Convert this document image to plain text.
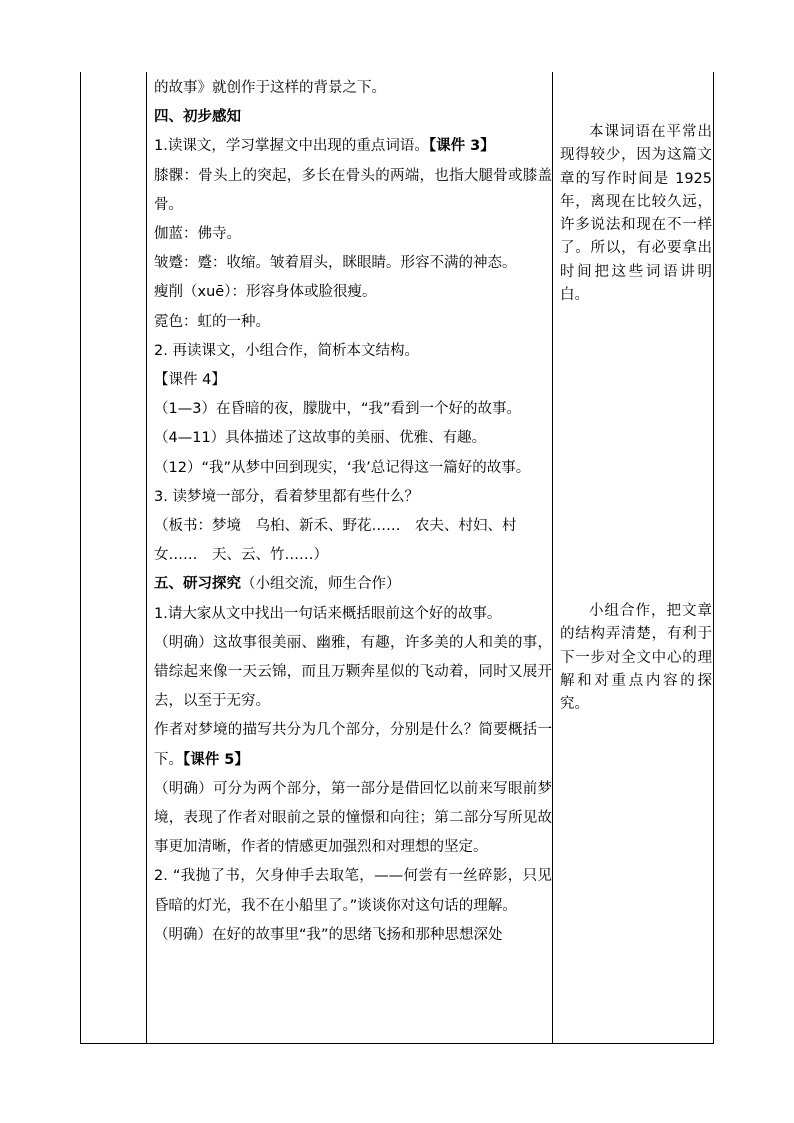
的故事》就创作于这样的背景之下。

四、初步感知

1.读课文，学习掌握文中出现的重点词语。【课件 3】

膝髁：骨头上的突起，多长在骨头的两端，也指大腿骨或膝盖骨。

伽蓝：佛寺。

皱蹙：蹙：收缩。皱着眉头，眯眼睛。形容不满的神态。

瘦削（xuē）：形容身体或脸很瘦。

霓色：虹的一种。

2. 再读课文，小组合作，简析本文结构。

【课件 4】

（1—3）在昏暗的夜，朦胧中，“我”看到一个好的故事。

（4—11）具体描述了这故事的美丽、优雅、有趣。

（12）“我”从梦中回到现实，‘我’总记得这一篇好的故事。

3. 读梦境一部分，看着梦里都有些什么？

（板书：梦境　乌桕、新禾、野花……　农夫、村妇、村

女……　天、云、竹……）

五、研习探究（小组交流，师生合作）

1.请大家从文中找出一句话来概括眼前这个好的故事。

（明确）这故事很美丽、幽雅，有趣，许多美的人和美的事，错综起来像一天云锦，而且万颗奔星似的飞动着，同时又展开去，以至于无穷。

作者对梦境的描写共分为几个部分，分别是什么？简要概括一下。【课件 5】

（明确）可分为两个部分，第一部分是借回忆以前来写眼前梦境，表现了作者对眼前之景的憧憬和向往；第二部分写所见故事更加清晰，作者的情感更加强烈和对理想的坚定。

2. “我抛了书，欠身伸手去取笔，——何尝有一丝碎影，只见昏暗的灯光，我不在小船里了。”谈谈你对这句话的理解。

（明确）在好的故事里“我”的思绪飞扬和那种思想深处

本课词语在平常出现得较少，因为这篇文章的写作时间是 1925 年，离现在比较久远，许多说法和现在不一样了。所以，有必要拿出时间把这些词语讲明白。

小组合作，把文章的结构弄清楚，有利于下一步对全文中心的理解和对重点内容的探究。
